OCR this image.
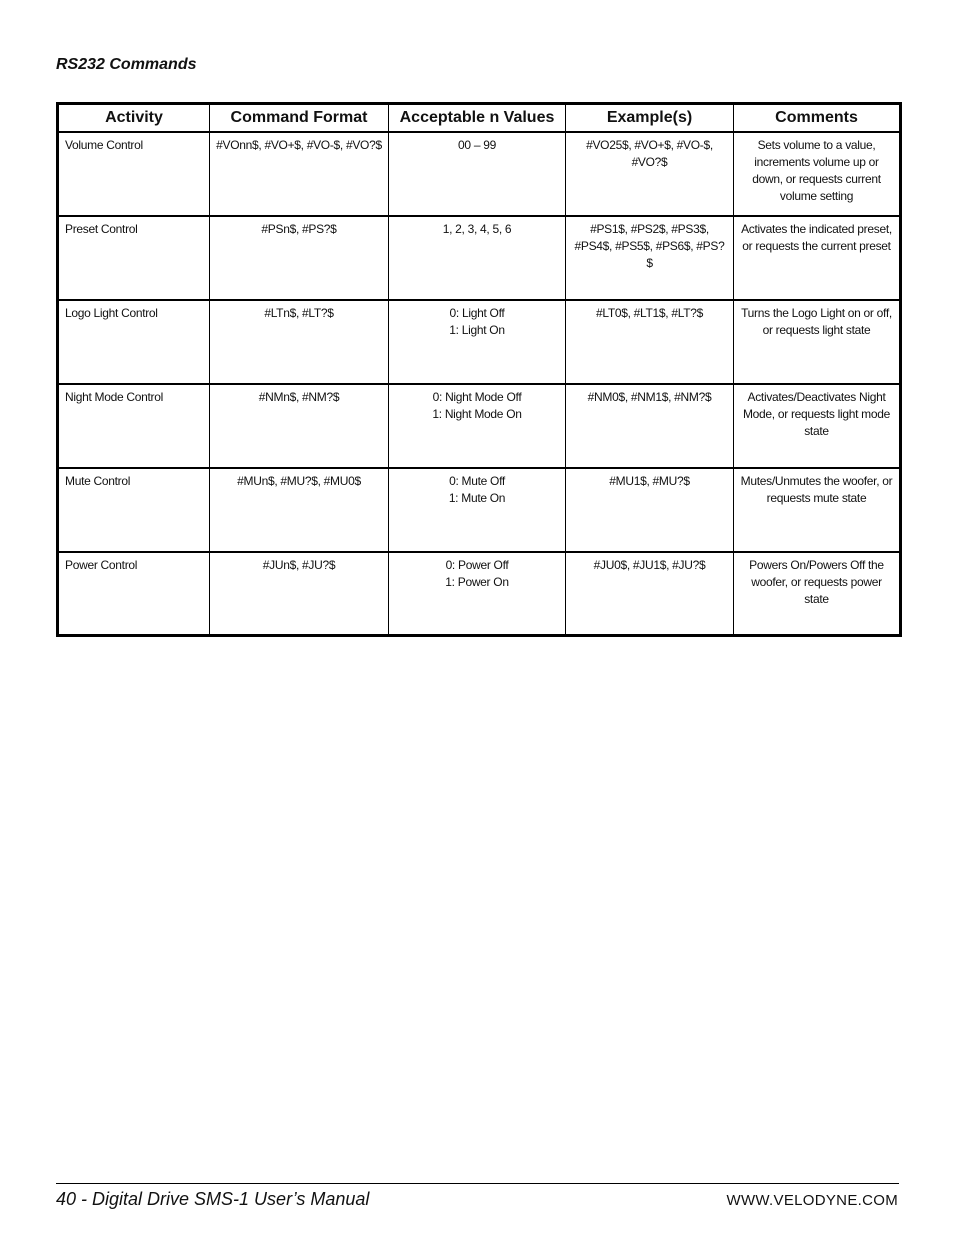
RS232 Commands
Activity	Command Format	Acceptable n Values	Example(s)	Comments
Volume Control	#VOnn$, #VO+$, #VO-$, #VO?$	00 – 99	#VO25$, #VO+$, #VO-$,
#VO?$	Sets volume to a value,
increments volume up or
down, or requests current
volume setting
Preset Control	#PSn$, #PS?$	1, 2, 3, 4, 5, 6	#PS1$, #PS2$, #PS3$,
#PS4$, #PS5$, #PS6$, #PS?$	Activates the indicated preset,
or requests the current preset
Logo Light Control	#LTn$, #LT?$	0: Light Off
1: Light On	#LT0$, #LT1$, #LT?$	Turns the Logo Light on or off,
or requests light state
Night Mode Control	#NMn$, #NM?$	0: Night Mode Off
1: Night Mode On	#NM0$, #NM1$, #NM?$	Activates/Deactivates Night
Mode, or requests light mode
state
Mute Control	#MUn$, #MU?$, #MU0$	0: Mute Off
1: Mute On	#MU1$, #MU?$	Mutes/Unmutes the woofer, or
requests mute state
Power Control	#JUn$, #JU?$	0: Power Off
1: Power On	#JU0$, #JU1$, #JU?$	Powers On/Powers Off the
woofer, or requests power
state
40 - Digital Drive SMS-1 User’s Manual	WWW.VELODYNE.COM
